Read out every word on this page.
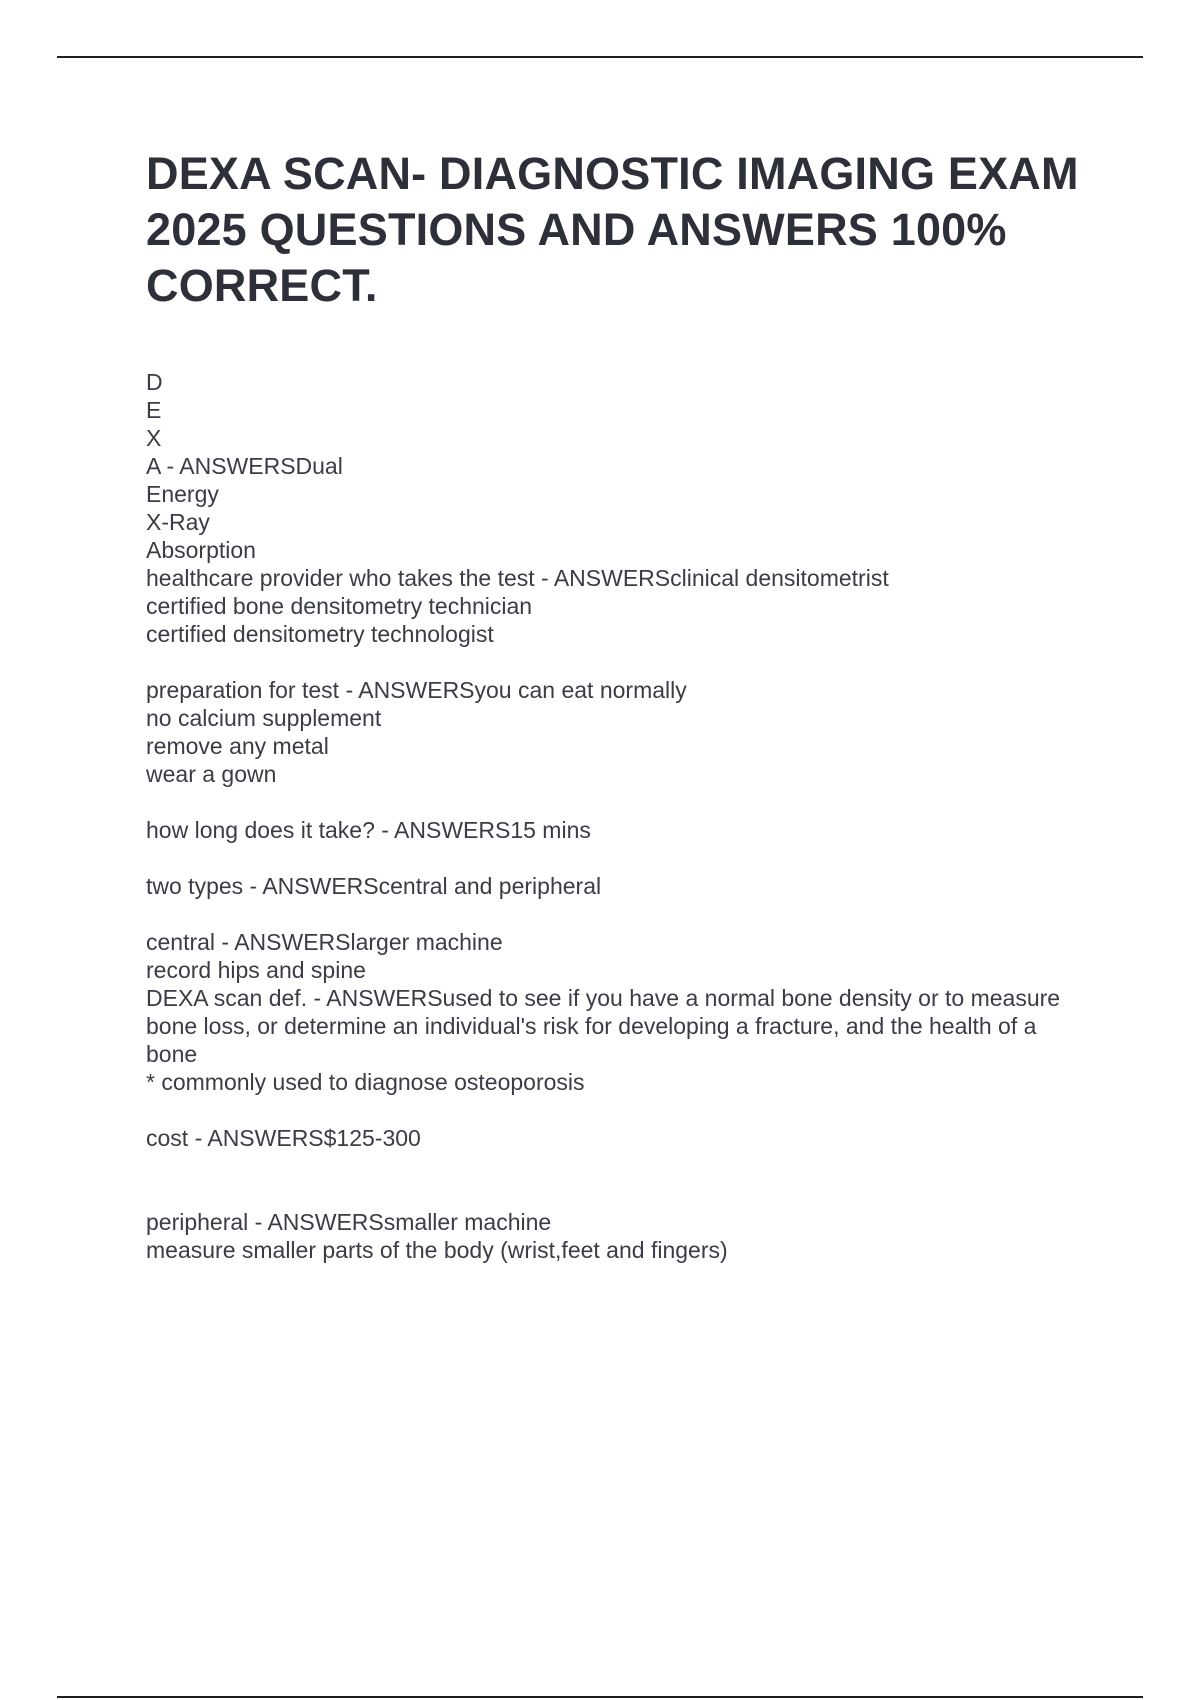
DEXA SCAN- DIAGNOSTIC IMAGING EXAM 2025 QUESTIONS AND ANSWERS 100% CORRECT.
D
E
X
A - ANSWERSDual
Energy
X-Ray
Absorption
healthcare provider who takes the test - ANSWERSclinical densitometrist
certified bone densitometry technician
certified densitometry technologist
preparation for test - ANSWERSyou can eat normally
no calcium supplement
remove any metal
wear a gown
how long does it take? - ANSWERS15 mins
two types - ANSWERScentral and peripheral
central - ANSWERSlarger machine
record hips and spine
DEXA scan def. - ANSWERSused to see if you have a normal bone density or to measure bone loss, or determine an individual's risk for developing a fracture, and the health of a bone
* commonly used to diagnose osteoporosis
cost - ANSWERS$125-300
peripheral - ANSWERSsmaller machine
measure smaller parts of the body (wrist,feet and fingers)
